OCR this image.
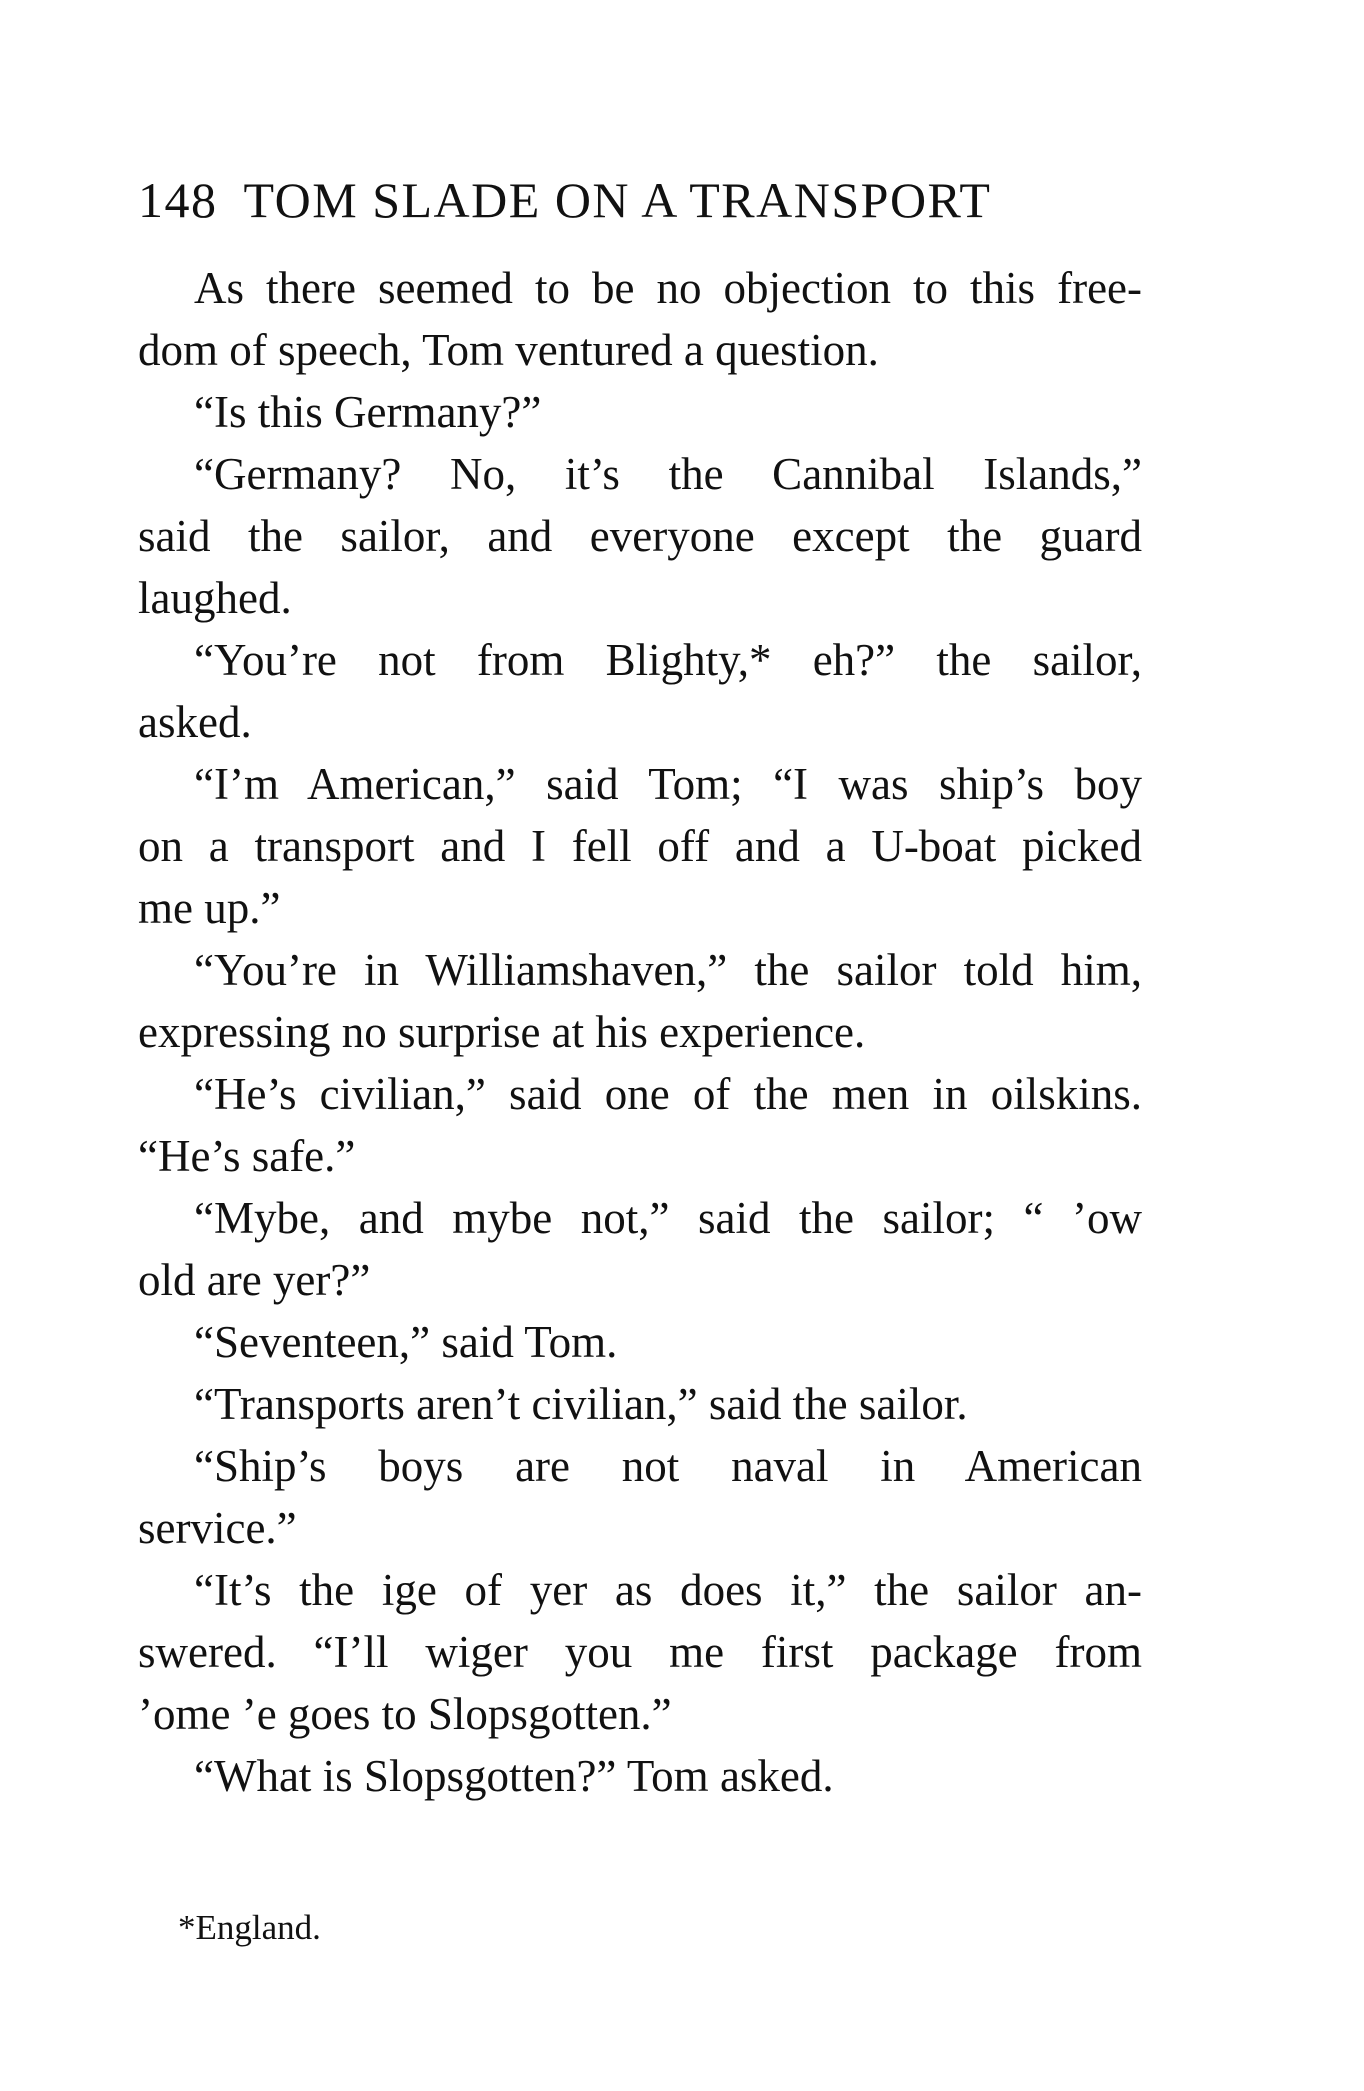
148 TOM SLADE ON A TRANSPORT
As there seemed to be no objection to this free-
dom of speech, Tom ventured a question.
“Is this Germany?”
“Germany? No, it’s the Cannibal Islands,”
said the sailor, and everyone except the guard
laughed.
“You’re not from Blighty,* eh?” the sailor,
asked.
“I’m American,” said Tom; “I was ship’s boy
on a transport and I fell off and a U-boat picked
me up.”
“You’re in Williamshaven,” the sailor told him,
expressing no surprise at his experience.
“He’s civilian,” said one of the men in oilskins.
“He’s safe.”
“Mybe, and mybe not,” said the sailor; “ ’ow
old are yer?”
“Seventeen,” said Tom.
“Transports aren’t civilian,” said the sailor.
“Ship’s boys are not naval in American
service.”
“It’s the ige of yer as does it,” the sailor an-
swered. “I’ll wiger you me first package from
’ome ’e goes to Slopsgotten.”
“What is Slopsgotten?” Tom asked.
*England.
